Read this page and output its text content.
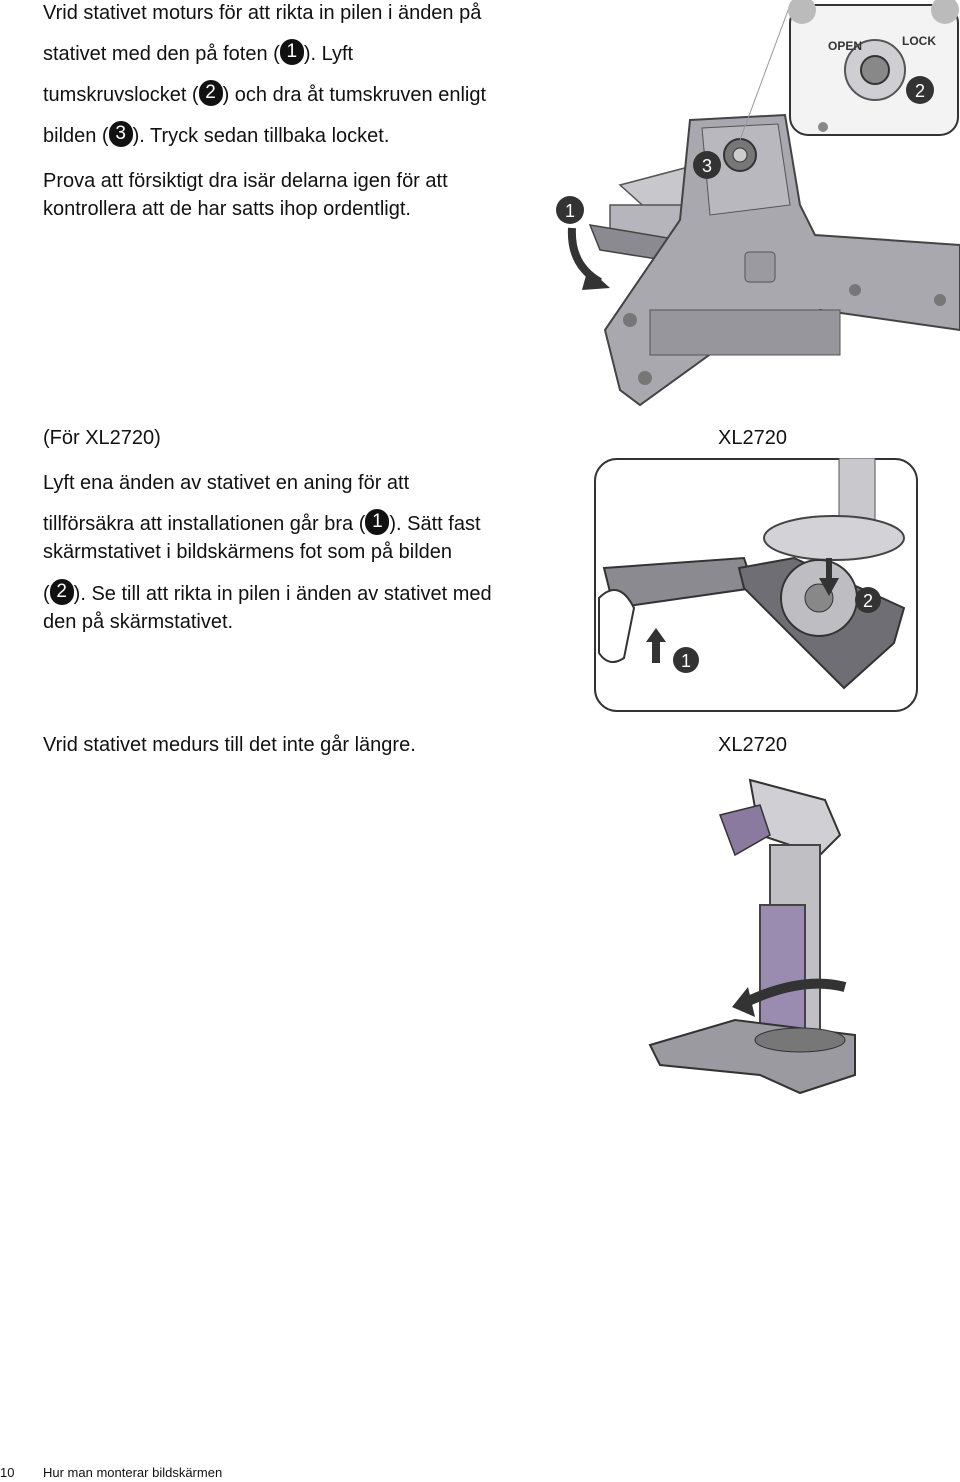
Vrid stativet moturs för att rikta in pilen i änden på
stativet med den på foten ( 1 ). Lyft
tumskruvslocket ( 2 ) och dra åt tumskruven enligt
bilden ( 3 ). Tryck sedan tillbaka locket.
Prova att försiktigt dra isär delarna igen för att
kontrollera att de har satts ihop ordentligt.	1
3
OPEN	LOCK
2
(För XL2720)	XL2720
Lyft ena änden av stativet en aning för att
tillförsäkra att installationen går bra ( 1 ). Sätt fast
skärmstativet i bildskärmens fot som på bilden
( 2 ). Se till att rikta in pilen i änden av stativet med
den på skärmstativet.
1
2
Vrid stativet medurs till det inte går längre.	XL2720
10 Hur man monterar bildskärmen
